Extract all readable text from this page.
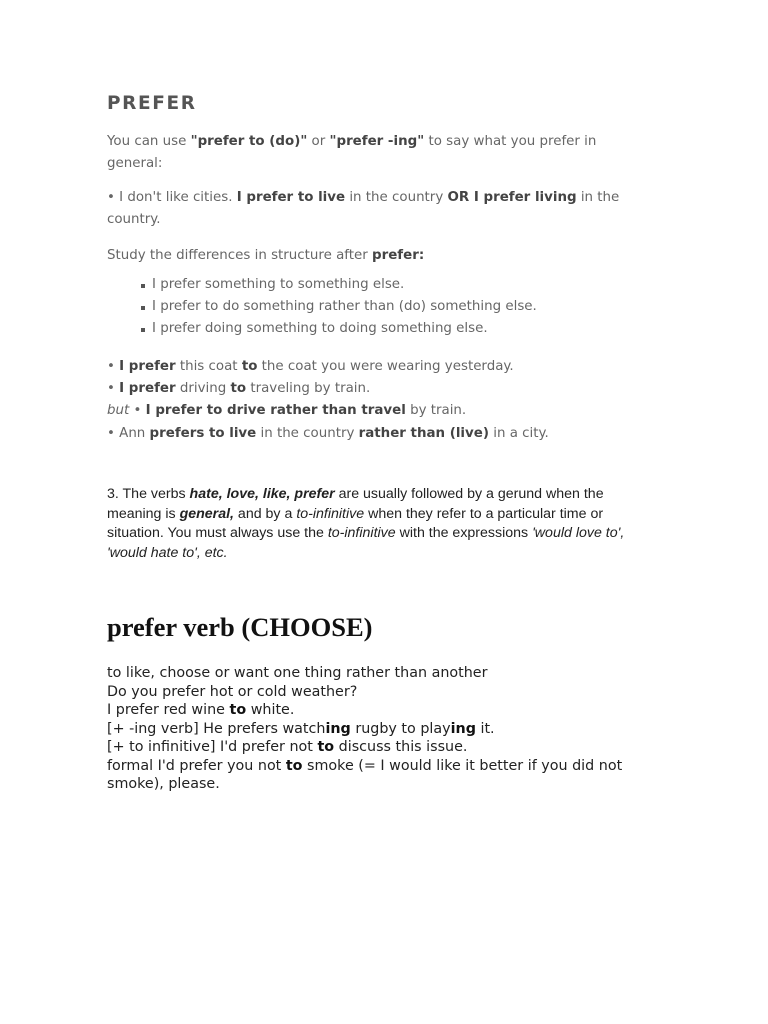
PREFER

You can use "prefer to (do)" or "prefer -ing" to say what you prefer in general:

• I don't like cities. I prefer to live in the country OR I prefer living in the country.

Study the differences in structure after prefer:

I prefer something to something else.
I prefer to do something rather than (do) something else.
I prefer doing something to doing something else.

• I prefer this coat to the coat you were wearing yesterday.

• I prefer driving to traveling by train.

but • I prefer to drive rather than travel by train.

• Ann prefers to live in the country rather than (live) in a city.

3. The verbs hate, love, like, prefer are usually followed by a gerund when the meaning is general, and by a to-infinitive when they refer to a particular time or situation. You must always use the to-infinitive with the expressions 'would love to', 'would hate to', etc.

prefer verb (CHOOSE)
to like, choose or want one thing rather than another
Do you prefer hot or cold weather?
I prefer red wine to white.
[+ -ing verb] He prefers watching rugby to playing it.
[+ to infinitive] I'd prefer not to discuss this issue.
formal I'd prefer you not to smoke (= I would like it better if you did not smoke), please.
